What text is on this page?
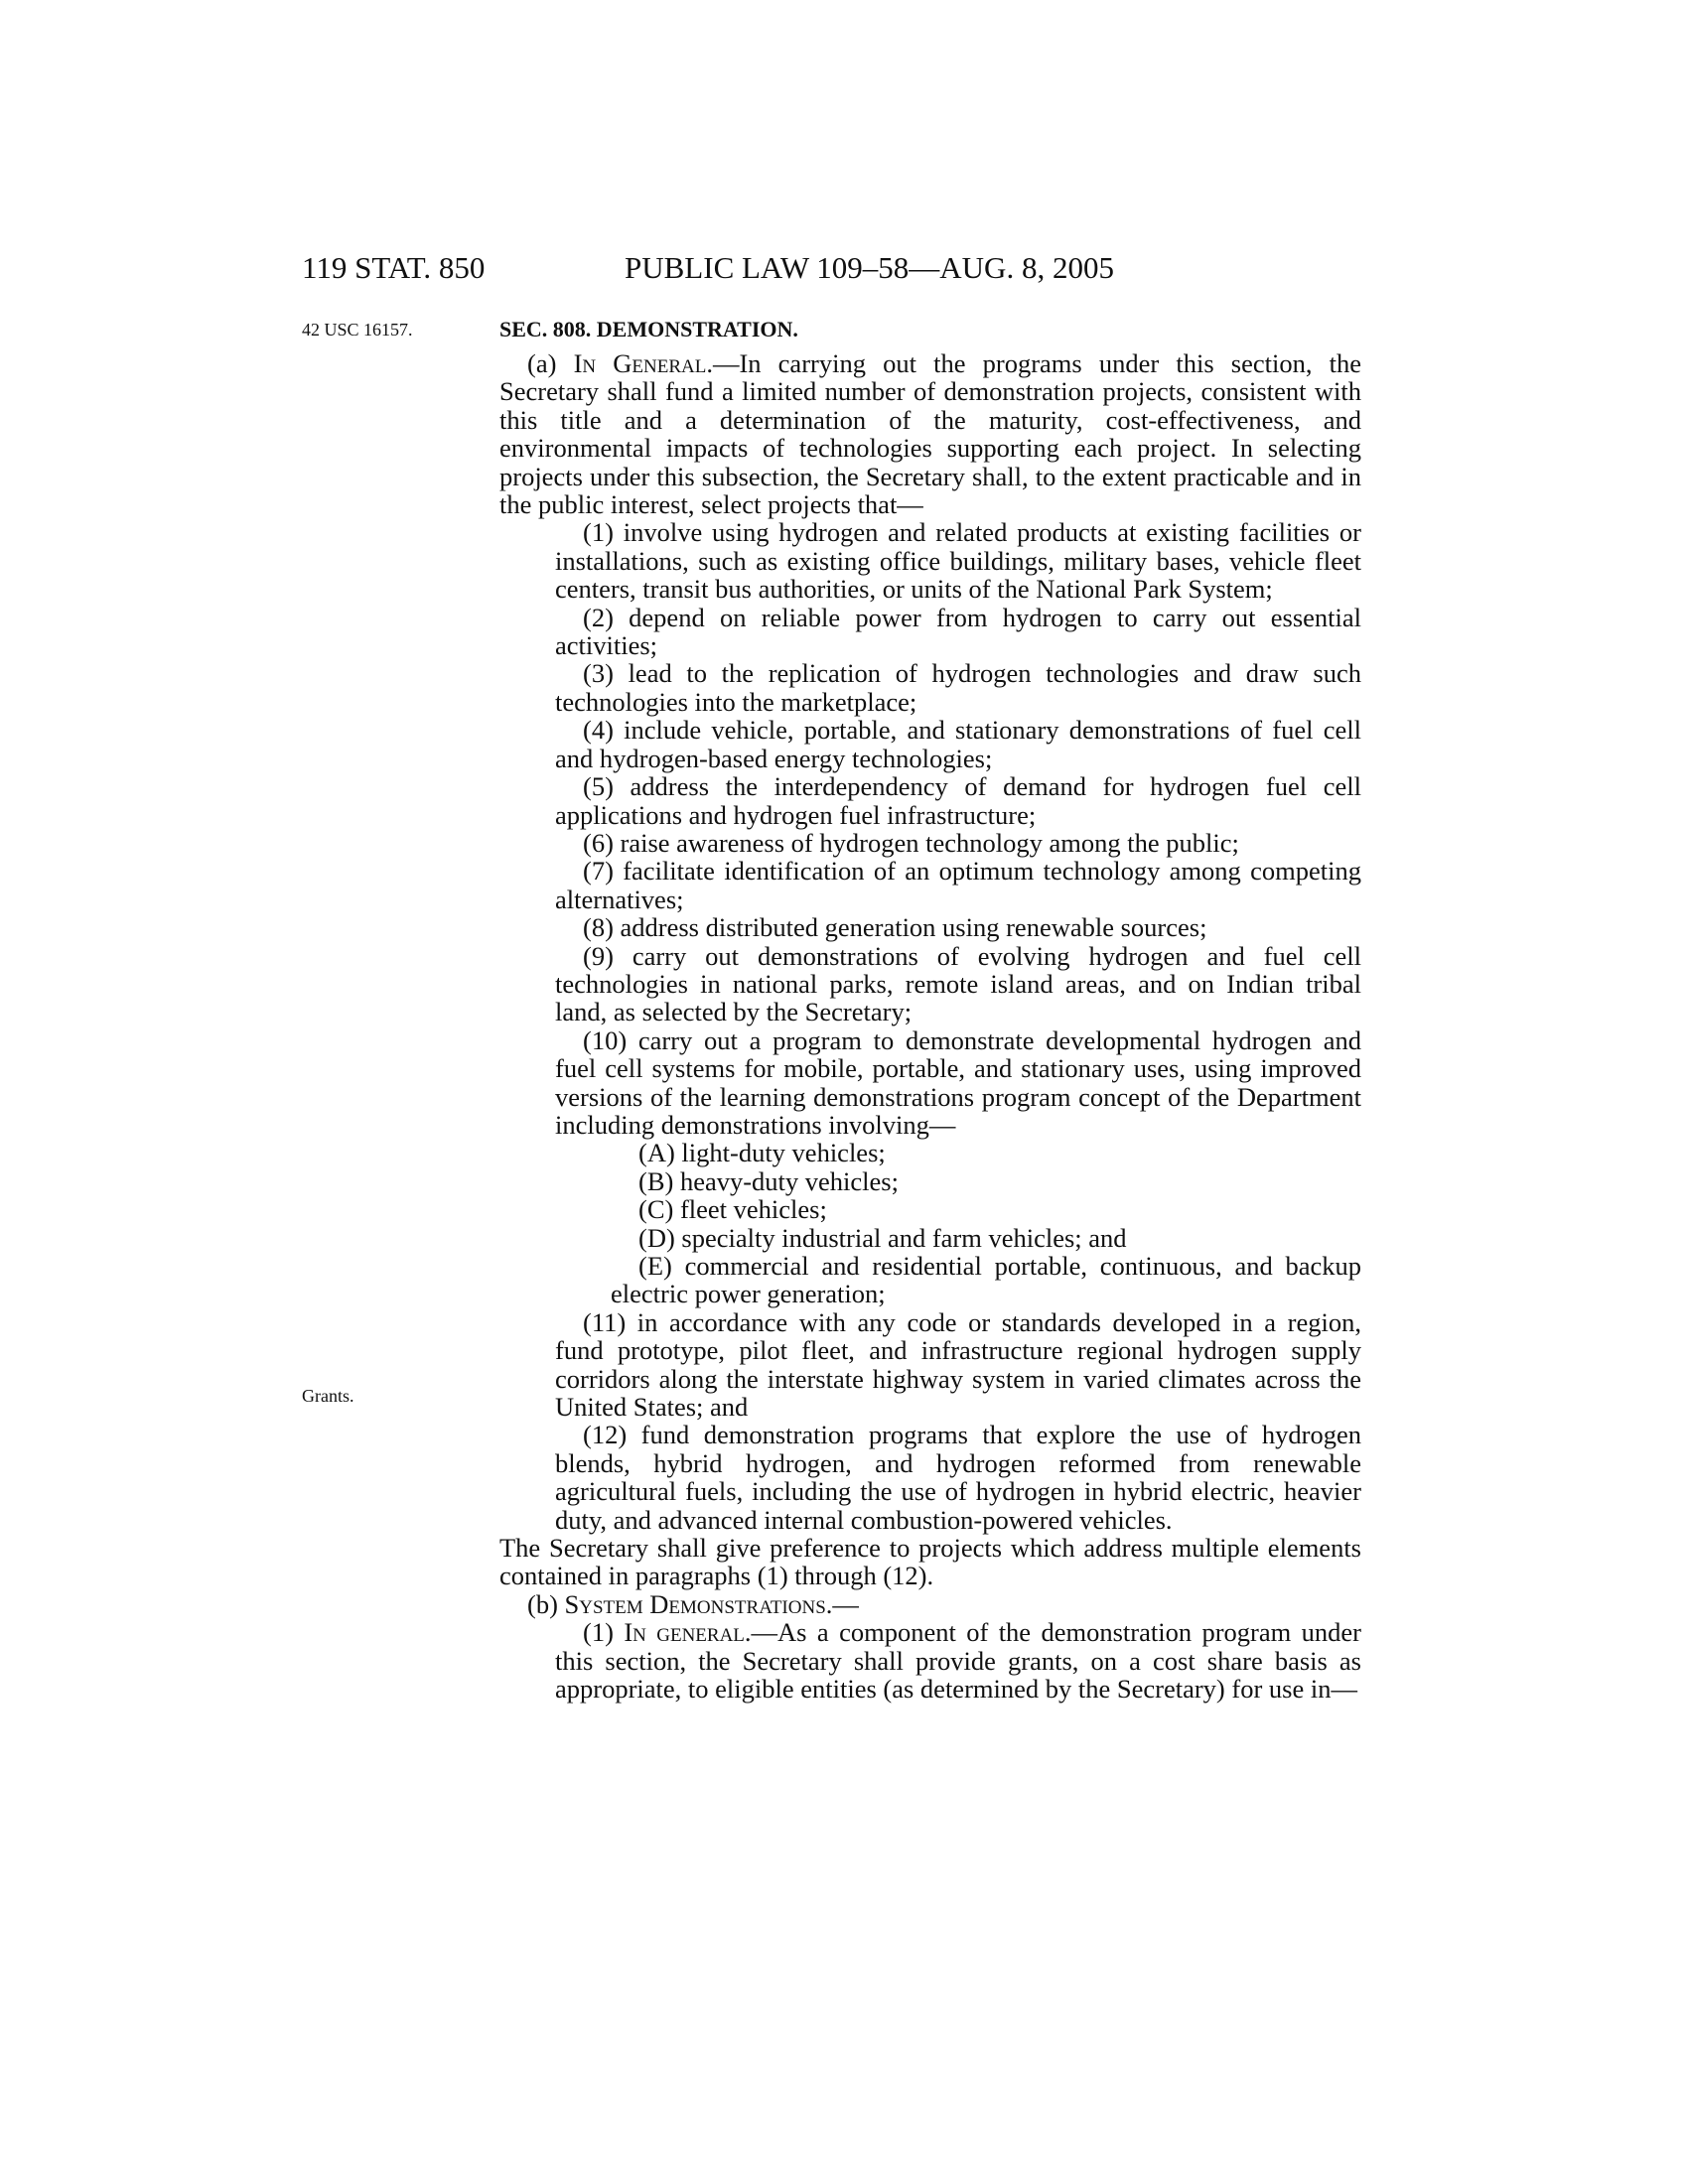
119 STAT. 850	PUBLIC LAW 109–58—AUG. 8, 2005
42 USC 16157.
Grants.
SEC. 808. DEMONSTRATION.

(a) In General.—In carrying out the programs under this section, the Secretary shall fund a limited number of demonstration projects, consistent with this title and a determination of the maturity, cost-effectiveness, and environmental impacts of technologies supporting each project. In selecting projects under this subsection, the Secretary shall, to the extent practicable and in the public interest, select projects that—

(1) involve using hydrogen and related products at existing facilities or installations, such as existing office buildings, military bases, vehicle fleet centers, transit bus authorities, or units of the National Park System;

(2) depend on reliable power from hydrogen to carry out essential activities;

(3) lead to the replication of hydrogen technologies and draw such technologies into the marketplace;

(4) include vehicle, portable, and stationary demonstrations of fuel cell and hydrogen-based energy technologies;

(5) address the interdependency of demand for hydrogen fuel cell applications and hydrogen fuel infrastructure;

(6) raise awareness of hydrogen technology among the public;

(7) facilitate identification of an optimum technology among competing alternatives;

(8) address distributed generation using renewable sources;

(9) carry out demonstrations of evolving hydrogen and fuel cell technologies in national parks, remote island areas, and on Indian tribal land, as selected by the Secretary;

(10) carry out a program to demonstrate developmental hydrogen and fuel cell systems for mobile, portable, and stationary uses, using improved versions of the learning demonstrations program concept of the Department including demonstrations involving—

(A) light-duty vehicles;

(B) heavy-duty vehicles;

(C) fleet vehicles;

(D) specialty industrial and farm vehicles; and

(E) commercial and residential portable, continuous, and backup electric power generation;

(11) in accordance with any code or standards developed in a region, fund prototype, pilot fleet, and infrastructure regional hydrogen supply corridors along the interstate highway system in varied climates across the United States; and

(12) fund demonstration programs that explore the use of hydrogen blends, hybrid hydrogen, and hydrogen reformed from renewable agricultural fuels, including the use of hydrogen in hybrid electric, heavier duty, and advanced internal combustion-powered vehicles.

The Secretary shall give preference to projects which address multiple elements contained in paragraphs (1) through (12).

(b) System Demonstrations.—

(1) In general.—As a component of the demonstration program under this section, the Secretary shall provide grants, on a cost share basis as appropriate, to eligible entities (as determined by the Secretary) for use in—
